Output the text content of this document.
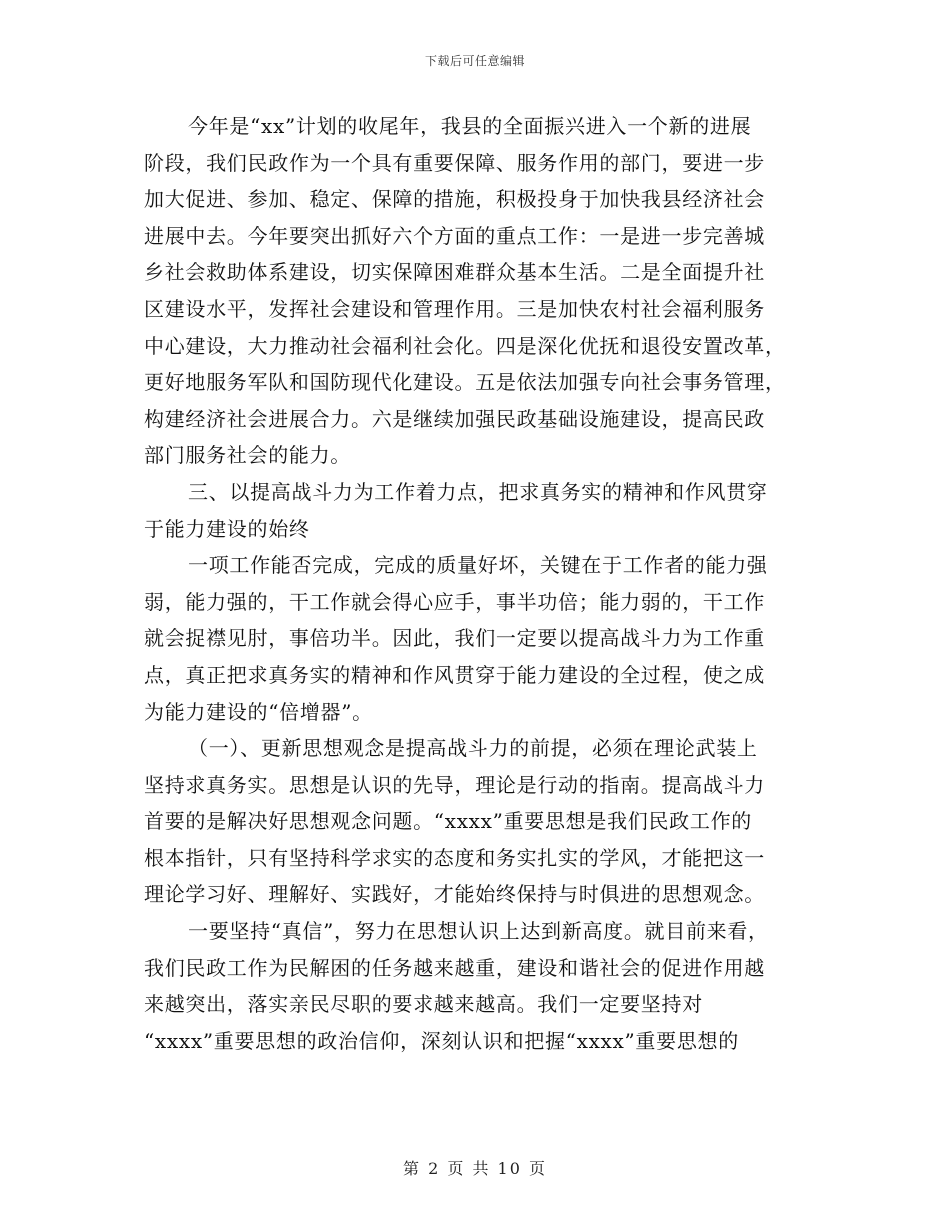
下载后可任意编辑
今年是“xx”计划的收尾年，我县的全面振兴进入一个新的进展
阶段，我们民政作为一个具有重要保障、服务作用的部门，要进一步
加大促进、参加、稳定、保障的措施，积极投身于加快我县经济社会
进展中去。今年要突出抓好六个方面的重点工作：一是进一步完善城
乡社会救助体系建设，切实保障困难群众基本生活。二是全面提升社
区建设水平，发挥社会建设和管理作用。三是加快农村社会福利服务
中心建设，大力推动社会福利社会化。四是深化优抚和退役安置改革，
更好地服务军队和国防现代化建设。五是依法加强专向社会事务管理，
构建经济社会进展合力。六是继续加强民政基础设施建设，提高民政
部门服务社会的能力。
三、以提高战斗力为工作着力点，把求真务实的精神和作风贯穿
于能力建设的始终
一项工作能否完成，完成的质量好坏，关键在于工作者的能力强
弱，能力强的，干工作就会得心应手，事半功倍；能力弱的，干工作
就会捉襟见肘，事倍功半。因此，我们一定要以提高战斗力为工作重
点，真正把求真务实的精神和作风贯穿于能力建设的全过程，使之成
为能力建设的“倍增器”。
（一）、更新思想观念是提高战斗力的前提，必须在理论武装上
坚持求真务实。思想是认识的先导，理论是行动的指南。提高战斗力
首要的是解决好思想观念问题。“xxxx”重要思想是我们民政工作的
根本指针，只有坚持科学求实的态度和务实扎实的学风，才能把这一
理论学习好、理解好、实践好，才能始终保持与时俱进的思想观念。
一要坚持“真信”，努力在思想认识上达到新高度。就目前来看，
我们民政工作为民解困的任务越来越重，建设和谐社会的促进作用越
来越突出，落实亲民尽职的要求越来越高。我们一定要坚持对
“xxxx”重要思想的政治信仰，深刻认识和把握“xxxx”重要思想的
第 2 页 共 10 页
